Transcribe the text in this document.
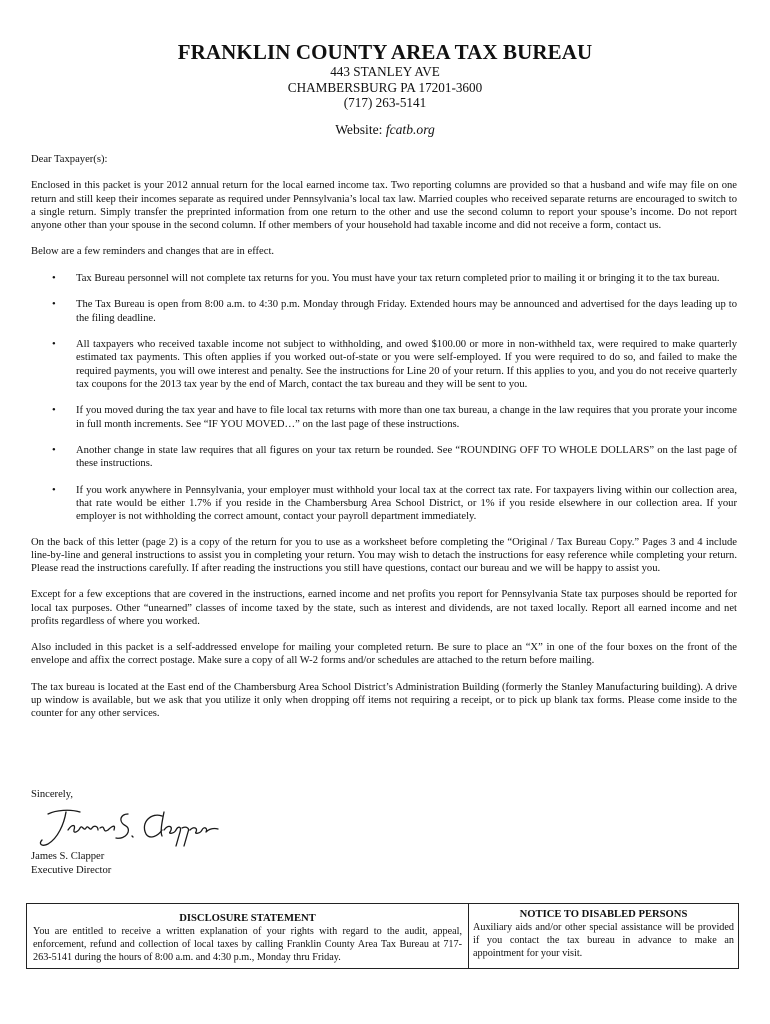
FRANKLIN COUNTY AREA TAX BUREAU
443 STANLEY AVE
CHAMBERSBURG PA 17201-3600
(717) 263-5141
Website: fcatb.org

Dear Taxpayer(s):

Enclosed in this packet is your 2012 annual return for the local earned income tax. Two reporting columns are provided so that a husband and wife may file on one return and still keep their incomes separate as required under Pennsylvania’s local tax law. Married couples who received separate returns are encouraged to switch to a single return. Simply transfer the preprinted information from one return to the other and use the second column to report your spouse’s income. Do not report anyone other than your spouse in the second column. If other members of your household had taxable income and did not receive a form, contact us.

Below are a few reminders and changes that are in effect.

• Tax Bureau personnel will not complete tax returns for you. You must have your tax return completed prior to mailing it or bringing it to the tax bureau.
• The Tax Bureau is open from 8:00 a.m. to 4:30 p.m. Monday through Friday. Extended hours may be announced and advertised for the days leading up to the filing deadline.
• All taxpayers who received taxable income not subject to withholding, and owed $100.00 or more in non-withheld tax, were required to make quarterly estimated tax payments. This often applies if you worked out-of-state or you were self-employed. If you were required to do so, and failed to make the required payments, you will owe interest and penalty. See the instructions for Line 20 of your return. If this applies to you, and you do not receive quarterly tax coupons for the 2013 tax year by the end of March, contact the tax bureau and they will be sent to you.
• If you moved during the tax year and have to file local tax returns with more than one tax bureau, a change in the law requires that you prorate your income in full month increments. See “IF YOU MOVED…” on the last page of these instructions.
• Another change in state law requires that all figures on your tax return be rounded. See “ROUNDING OFF TO WHOLE DOLLARS” on the last page of these instructions.
• If you work anywhere in Pennsylvania, your employer must withhold your local tax at the correct tax rate. For taxpayers living within our collection area, that rate would be either 1.7% if you reside in the Chambersburg Area School District, or 1% if you reside elsewhere in our collection area. If your employer is not withholding the correct amount, contact your payroll department immediately.

On the back of this letter (page 2) is a copy of the return for you to use as a worksheet before completing the “Original / Tax Bureau Copy.” Pages 3 and 4 include line-by-line and general instructions to assist you in completing your return. You may wish to detach the instructions for easy reference while completing your return. Please read the instructions carefully. If after reading the instructions you still have questions, contact our bureau and we will be happy to assist you.

Except for a few exceptions that are covered in the instructions, earned income and net profits you report for Pennsylvania State tax purposes should be reported for local tax purposes. Other “unearned” classes of income taxed by the state, such as interest and dividends, are not taxed locally. Report all earned income and net profits regardless of where you worked.

Also included in this packet is a self-addressed envelope for mailing your completed return. Be sure to place an “X” in one of the four boxes on the front of the envelope and affix the correct postage. Make sure a copy of all W-2 forms and/or schedules are attached to the return before mailing.

The tax bureau is located at the East end of the Chambersburg Area School District’s Administration Building (formerly the Stanley Manufacturing building). A drive up window is available, but we ask that you utilize it only when dropping off items not requiring a receipt, or to pick up blank tax forms. Please come inside to the counter for any other services.

Sincerely,
James S. Clapper
Executive Director
DISCLOSURE STATEMENT
You are entitled to receive a written explanation of your rights with regard to the audit, appeal, enforcement, refund and collection of local taxes by calling Franklin County Area Tax Bureau at 717-263-5141 during the hours of 8:00 a.m. and 4:30 p.m., Monday thru Friday.
NOTICE TO DISABLED PERSONS
Auxiliary aids and/or other special assistance will be provided if you contact the tax bureau in advance to make an appointment for your visit.
